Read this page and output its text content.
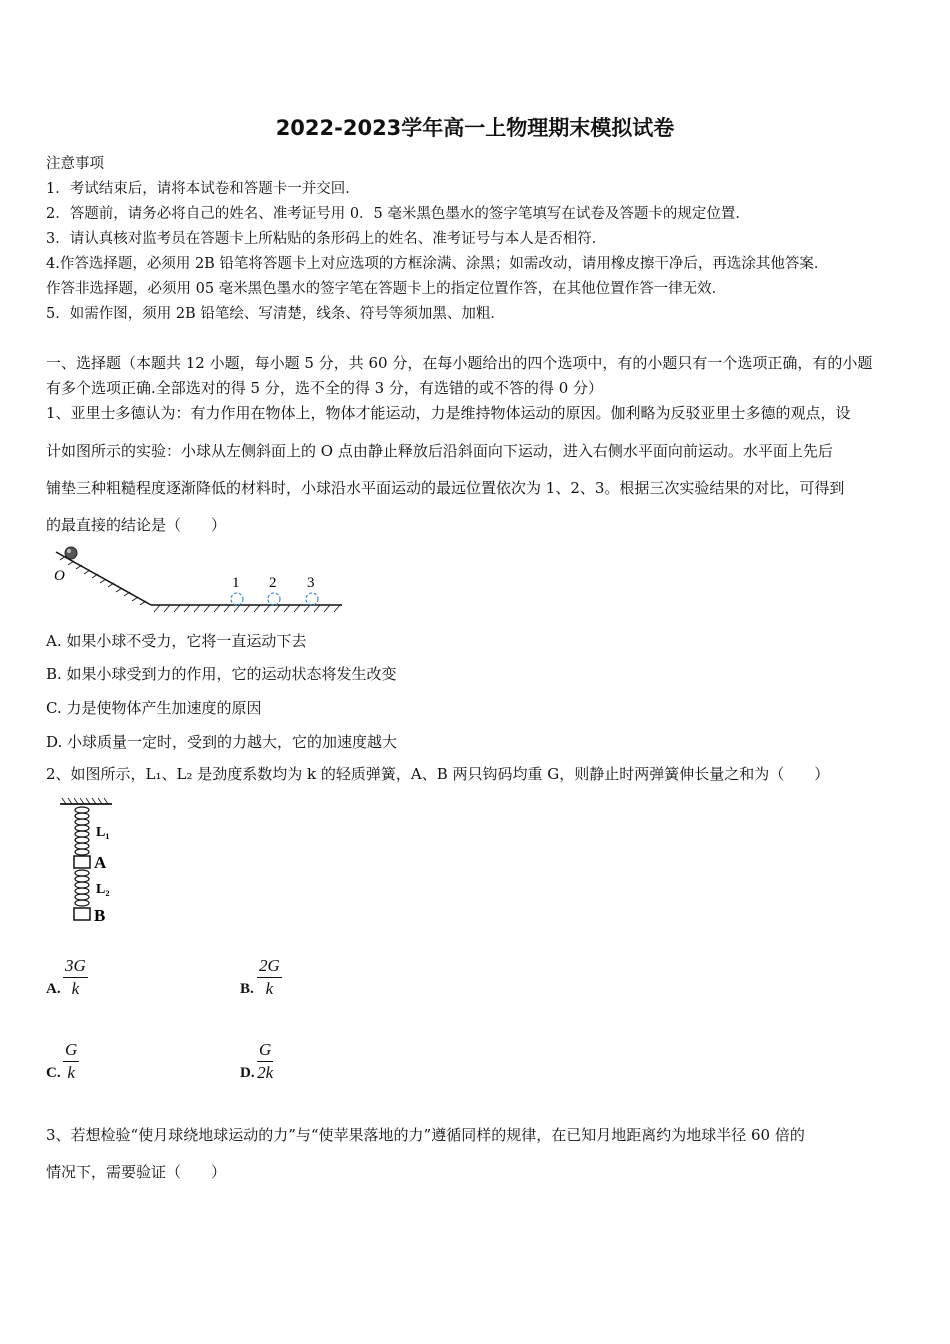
2022-2023学年高一上物理期末模拟试卷
注意事项
1．考试结束后，请将本试卷和答题卡一并交回．
2．答题前，请务必将自己的姓名、准考证号用 0．5 毫米黑色墨水的签字笔填写在试卷及答题卡的规定位置．
3．请认真核对监考员在答题卡上所粘贴的条形码上的姓名、准考证号与本人是否相符．
4.作答选择题，必须用 2B 铅笔将答题卡上对应选项的方框涂满、涂黑；如需改动，请用橡皮擦干净后，再选涂其他答案．
作答非选择题，必须用 05 毫米黑色墨水的签字笔在答题卡上的指定位置作答，在其他位置作答一律无效．
5．如需作图，须用 2B 铅笔绘、写清楚，线条、符号等须加黑、加粗．
一、选择题（本题共 12 小题，每小题 5 分，共 60 分，在每小题给出的四个选项中，有的小题只有一个选项正确，有的小题
有多个选项正确.全部选对的得 5 分，选不全的得 3 分，有选错的或不答的得 0 分）
1、亚里士多德认为：有力作用在物体上，物体才能运动，力是维持物体运动的原因。伽利略为反驳亚里士多德的观点，设
计如图所示的实验：小球从左侧斜面上的 O 点由静止释放后沿斜面向下运动，进入右侧水平面向前运动。水平面上先后
铺垫三种粗糙程度逐渐降低的材料时，小球沿水平面运动的最远位置依次为 1、2、3。根据三次实验结果的对比，可得到
的最直接的结论是（　　）
O	1 2 3
A. 如果小球不受力，它将一直运动下去
B. 如果小球受到力的作用，它的运动状态将发生改变
C. 力是使物体产生加速度的原因
D. 小球质量一定时，受到的力越大，它的加速度越大
2、如图所示，L₁、L₂ 是劲度系数均为 k 的轻质弹簧，A、B 两只钩码均重 G，则静止时两弹簧伸长量之和为（　　）
L₁
A
L₂
B
A. $\frac{3G}{k}$	B. $\frac{2G}{k}$
C. $\frac{G}{k}$	D. $\frac{G}{2k}$
3、若想检验“使月球绕地球运动的力”与“使苹果落地的力”遵循同样的规律，在已知月地距离约为地球半径 60 倍的
情况下，需要验证（　　）
